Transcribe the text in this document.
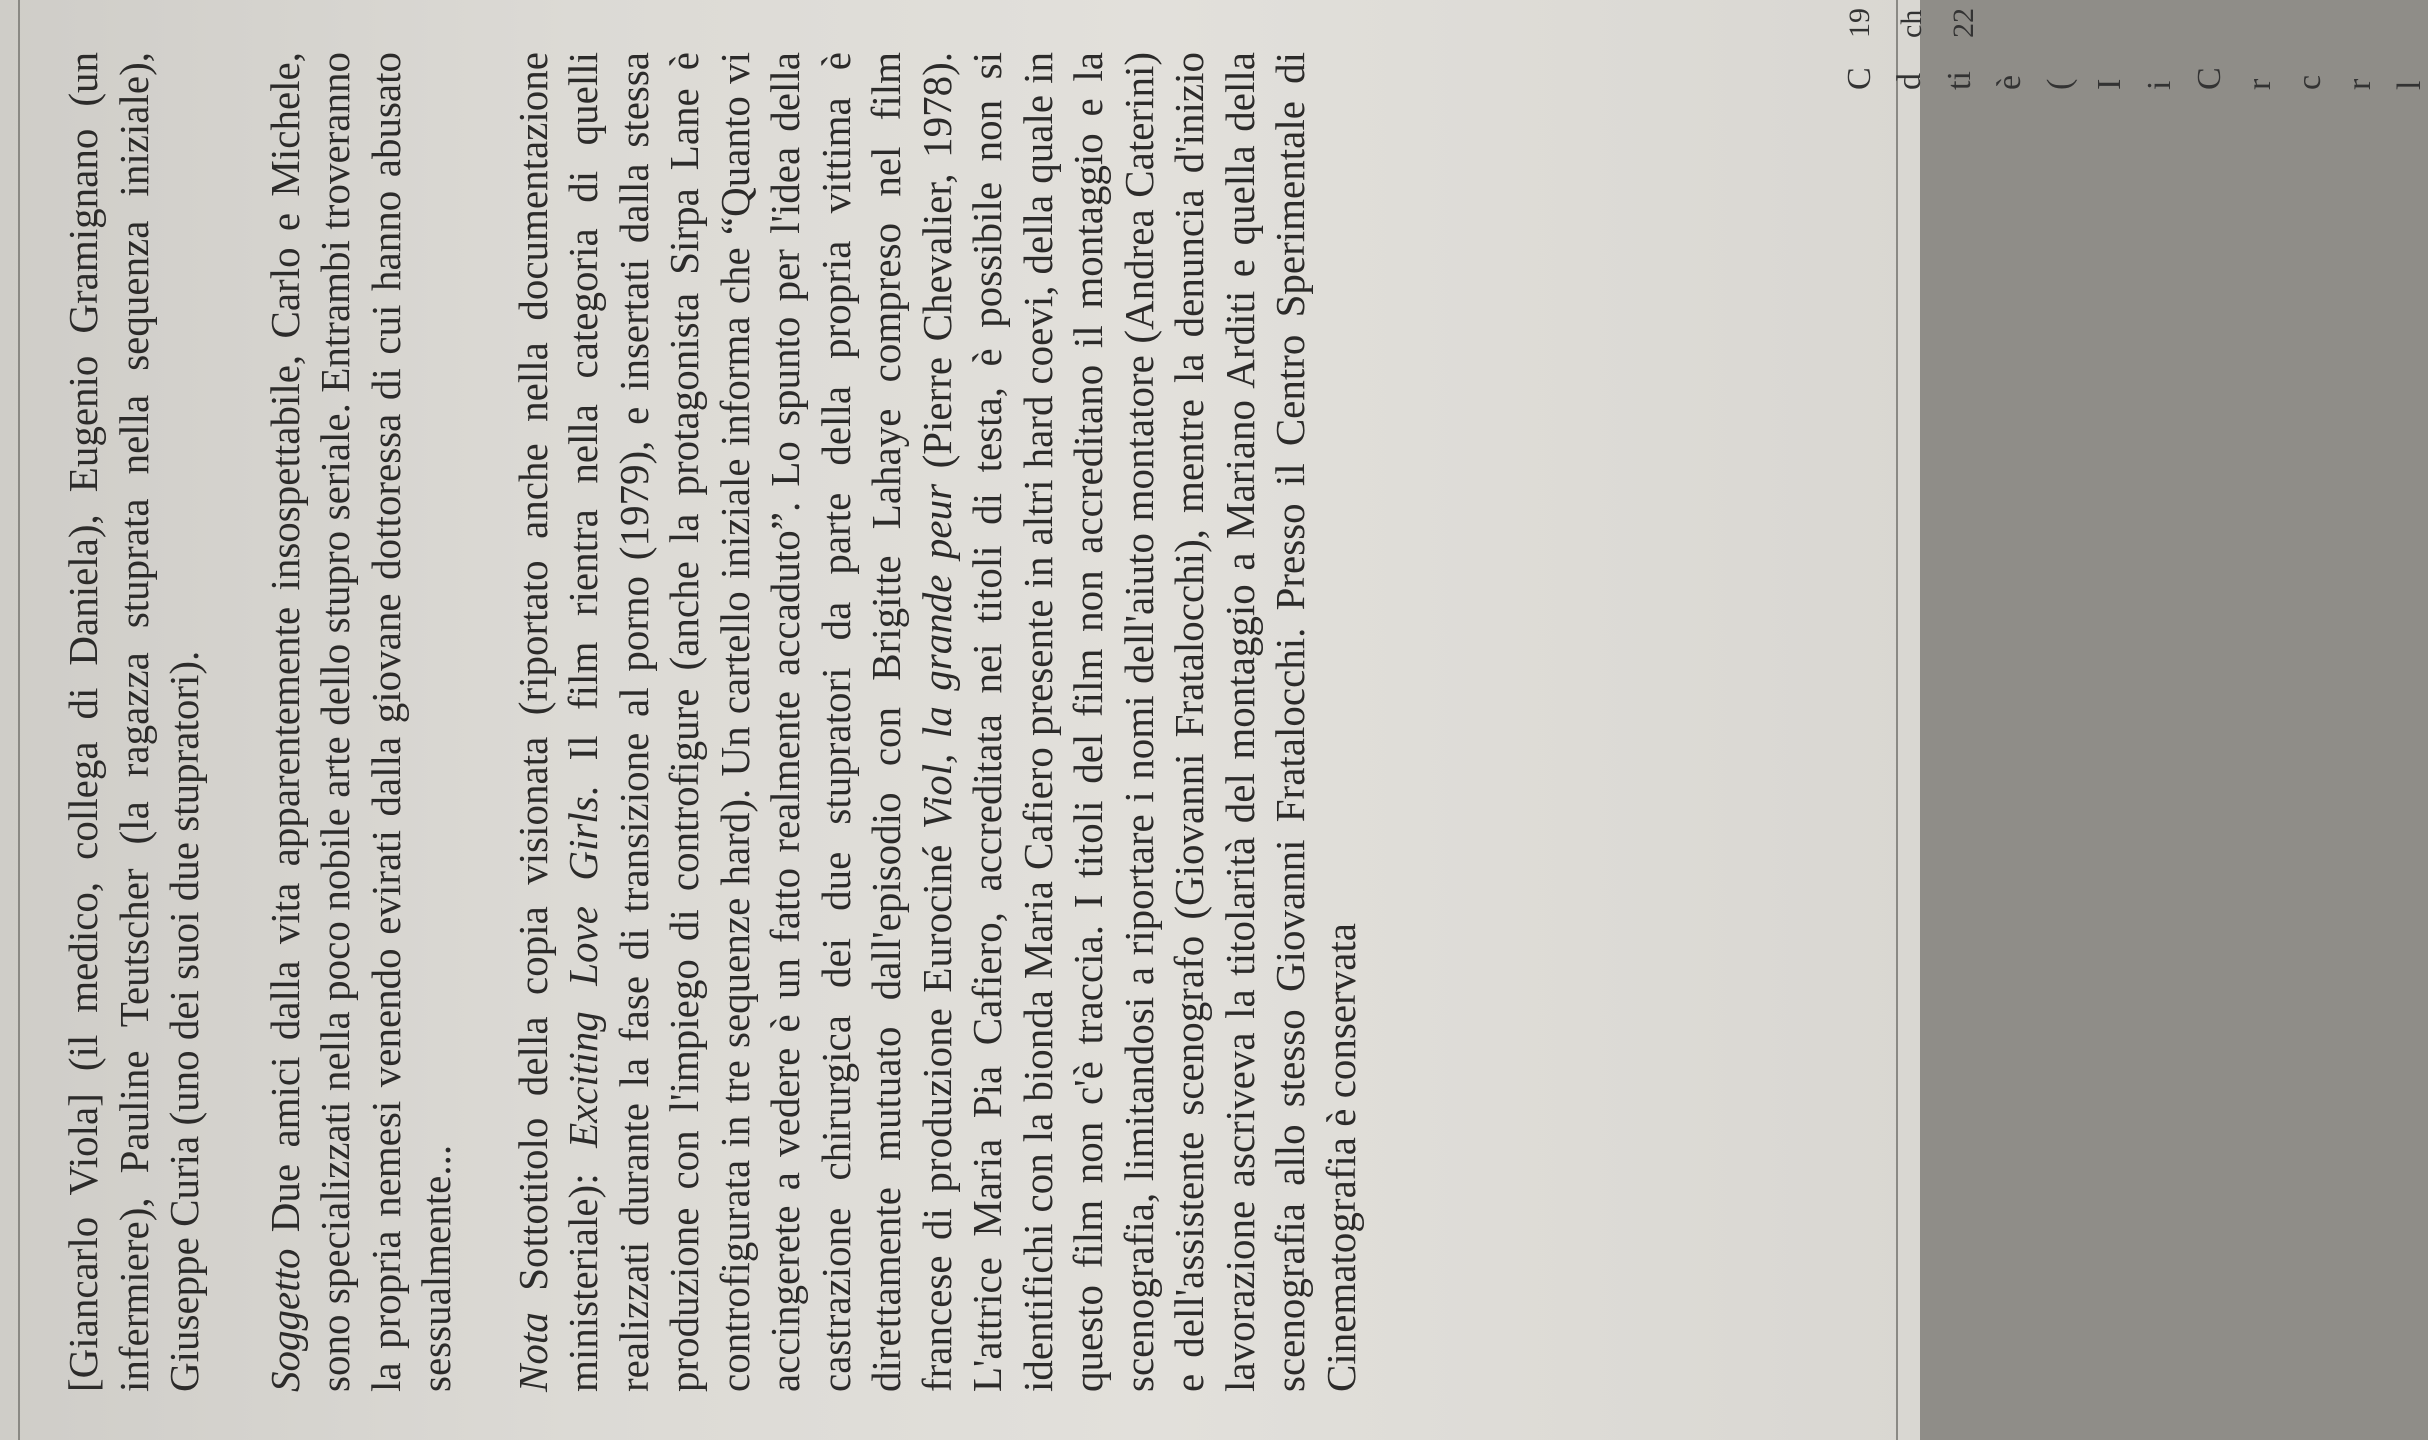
[Giancarlo Viola] (il medico, collega di Daniela), Eugenio Gramignano (un infermiere), Pauline Teutscher (la ragazza stuprata nella sequenza iniziale), Giuseppe Curia (uno dei suoi due stupratori). Soggetto Due amici dalla vita apparentemente insospettabile, Carlo e Michele, sono specializzati nella poco nobile arte dello stupro seriale. Entrambi troveranno la propria nemesi venendo evirati dalla giovane dottoressa di cui hanno abusato sessualmente... Nota Sottotitolo della copia visionata (riportato anche nella documentazione ministeriale): Exciting Love Girls. Il film rientra nella categoria di quelli realizzati durante la fase di transizione al porno (1979), e insertati dalla stessa produzione con l'impiego di controfigure (anche la protagonista Sirpa Lane è controfigurata in tre sequenze hard). Un cartello iniziale informa che “Quanto vi accingerete a vedere è un fatto realmente accaduto”. Lo spunto per l'idea della castrazione chirurgica dei due stupratori da parte della propria vittima è direttamente mutuato dall'episodio con Brigitte Lahaye compreso nel film francese di produzione Eurociné Viol, la grande peur (Pierre Chevalier, 1978). L'attrice Maria Pia Cafiero, accreditata nei titoli di testa, è possibile non si identifichi con la bionda Maria Cafiero presente in altri hard coevi, della quale in questo film non c'è traccia. I titoli del film non accreditano il montaggio e la scenografia, limitandosi a riportare i nomi dell'aiuto montatore (Andrea Caterini) e dell'assistente scenografo (Giovanni Fratalocchi), mentre la denuncia d'inizio lavorazione ascriveva la titolarità del montaggio a Mariano Arditi e quella della scenografia allo stesso Giovanni Fratalocchi. Presso il Centro Sperimentale di Cinematografia è conservata

19 ch 22
C d ti è ( I i C r c r l
